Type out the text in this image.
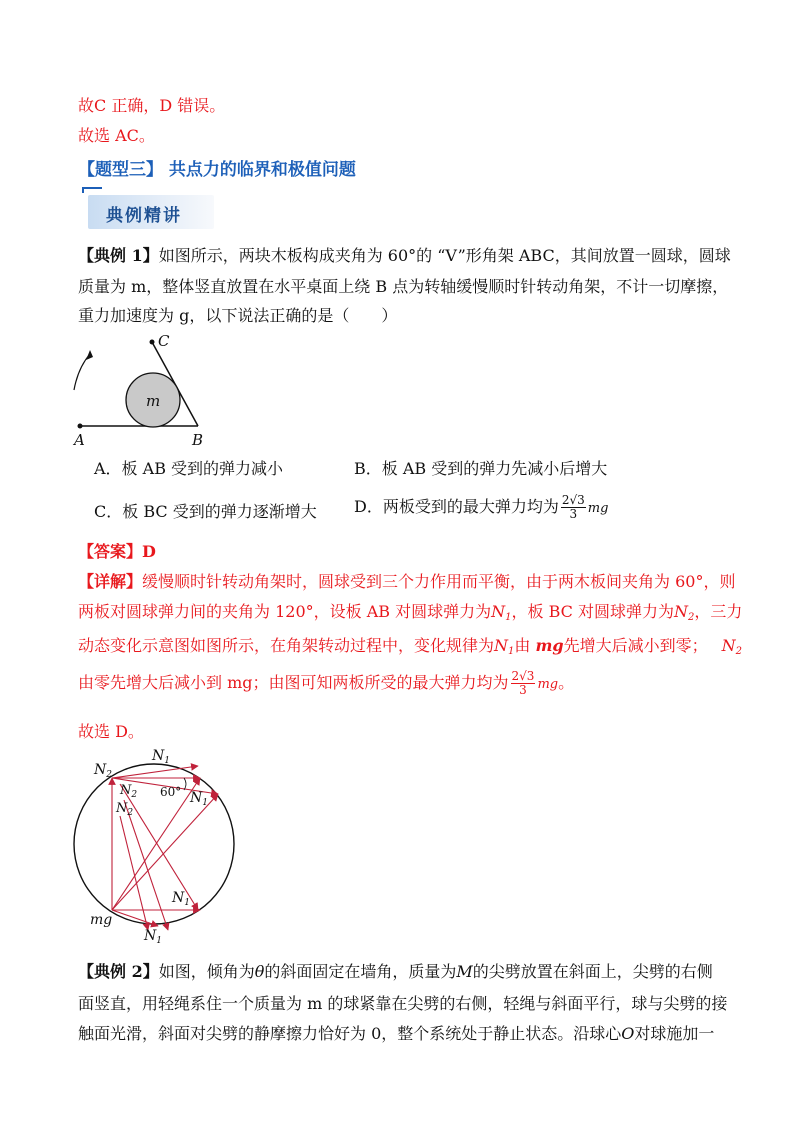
故C 正确，D 错误。
故选 AC。
【题型三】 共点力的临界和极值问题
典例精讲
【典例 1】如图所示，两块木板构成夹角为 60°的 “V”形角架 ABC，其间放置一圆球，圆球
质量为 m，整体竖直放置在水平桌面上绕 B 点为转轴缓慢顺时针转动角架，不计一切摩擦，
重力加速度为 g，以下说法正确的是（　　）
A	B
C
m
A．板 AB 受到的弹力减小	B．板 AB 受到的弹力先减小后增大
C．板 BC 受到的弹力逐渐增大 D．两板受到的最大弹力均为 $\frac{2√3}{3}$ mg
【答案】D
【详解】缓慢顺时针转动角架时，圆球受到三个力作用而平衡，由于两木板间夹角为 60°，则
两板对圆球弹力间的夹角为 120°，设板 AB 对圆球弹力为$N_1$，板 BC 对圆球弹力为$N_2$，三力
动态变化示意图如图所示，在角架转动过程中，变化规律为$N_1$由 mg先增大后减小到零； $N_2$
由零先增大后减小到 mg；由图可知两板所受的最大弹力均为 $\frac{2√3}{3}$ mg。
故选 D。
$N_1$
$N_2$
$N_2$
$N_2$
60° $N_1$
$N_1$
mg
$N_1$
【典例 2】如图，倾角为θ的斜面固定在墙角，质量为M的尖劈放置在斜面上，尖劈的右侧
面竖直，用轻绳系住一个质量为 m 的球紧靠在尖劈的右侧，轻绳与斜面平行，球与尖劈的接
触面光滑，斜面对尖劈的静摩擦力恰好为 0，整个系统处于静止状态。沿球心O对球施加一
